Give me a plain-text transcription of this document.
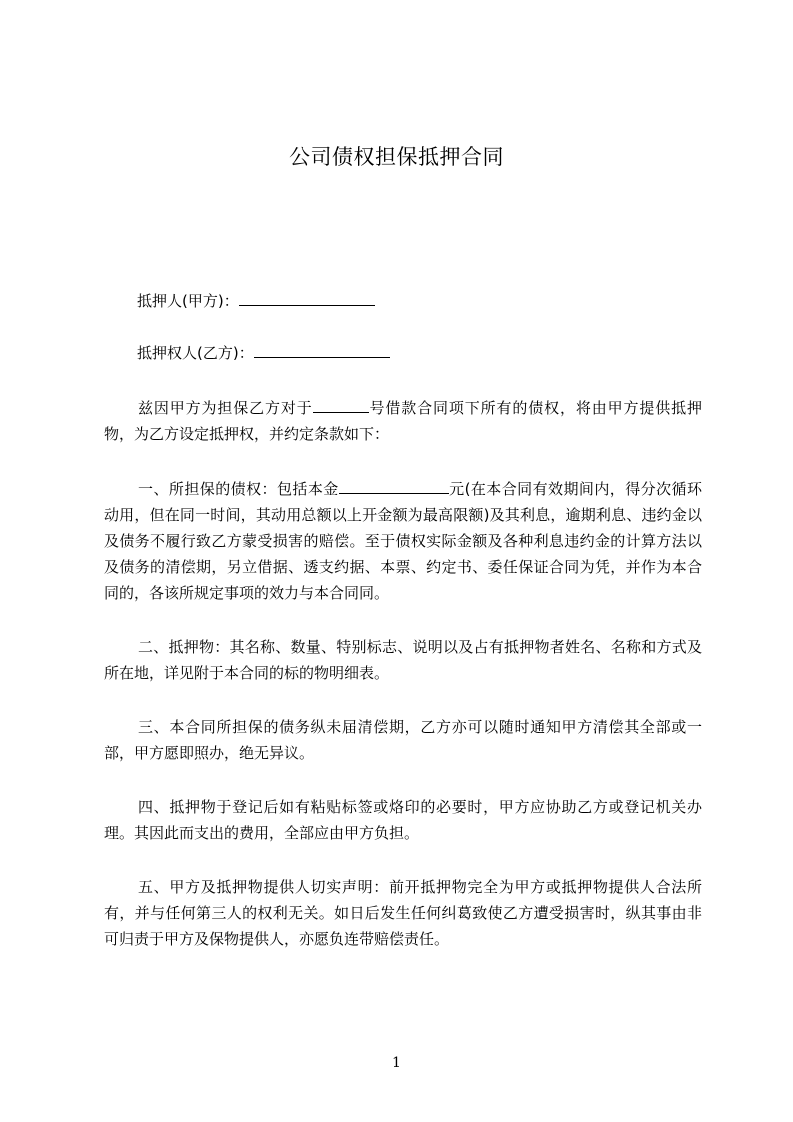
公司债权担保抵押合同
抵押人(甲方)：
抵押权人(乙方)：
兹因甲方为担保乙方对于	号借款合同项下所有的债权，将由甲方提供抵押物，为乙方设定抵押权，并约定条款如下：
一、所担保的债权：包括本金	元(在本合同有效期间内，得分次循环动用，但在同一时间，其动用总额以上开金额为最高限额)及其利息，逾期利息、违约金以及债务不履行致乙方蒙受损害的赔偿。至于债权实际金额及各种利息违约金的计算方法以及债务的清偿期，另立借据、透支约据、本票、约定书、委任保证合同为凭，并作为本合同的，各该所规定事项的效力与本合同同。
二、抵押物：其名称、数量、特别标志、说明以及占有抵押物者姓名、名称和方式及所在地，详见附于本合同的标的物明细表。
三、本合同所担保的债务纵未届清偿期，乙方亦可以随时通知甲方清偿其全部或一部，甲方愿即照办，绝无异议。
四、抵押物于登记后如有粘贴标签或烙印的必要时，甲方应协助乙方或登记机关办理。其因此而支出的费用，全部应由甲方负担。
五、甲方及抵押物提供人切实声明：前开抵押物完全为甲方或抵押物提供人合法所有，并与任何第三人的权利无关。如日后发生任何纠葛致使乙方遭受损害时，纵其事由非可归责于甲方及保物提供人，亦愿负连带赔偿责任。
1
